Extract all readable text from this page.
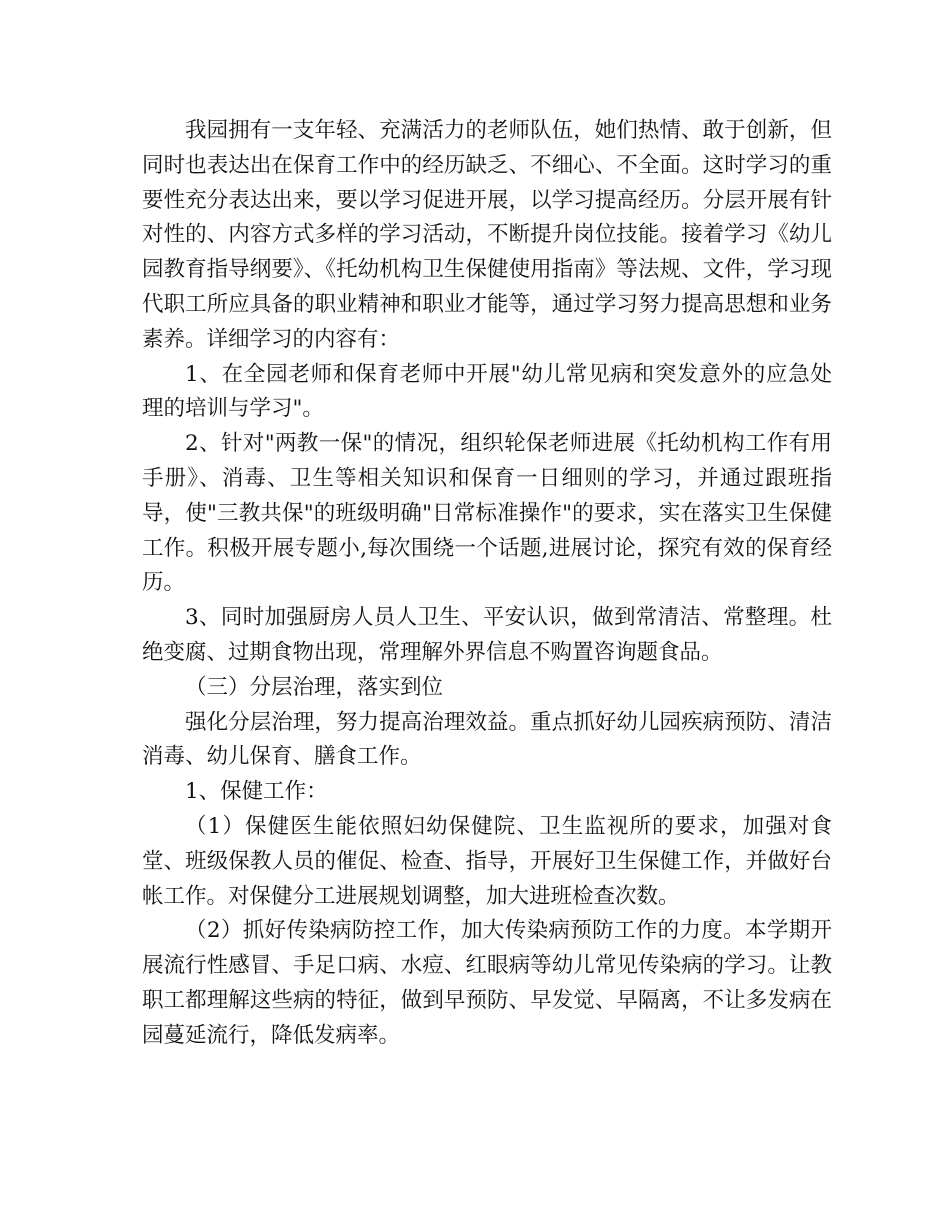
我园拥有一支年轻、充满活力的老师队伍，她们热情、敢于创新，但同时也表达出在保育工作中的经历缺乏、不细心、不全面。这时学习的重要性充分表达出来，要以学习促进开展，以学习提高经历。分层开展有针对性的、内容方式多样的学习活动，不断提升岗位技能。接着学习《幼儿园教育指导纲要》、《托幼机构卫生保健使用指南》等法规、文件，学习现代职工所应具备的职业精神和职业才能等，通过学习努力提高思想和业务素养。详细学习的内容有：

1、在全园老师和保育老师中开展"幼儿常见病和突发意外的应急处理的培训与学习"。

2、针对"两教一保"的情况，组织轮保老师进展《托幼机构工作有用手册》、消毒、卫生等相关知识和保育一日细则的学习，并通过跟班指导，使"三教共保"的班级明确"日常标准操作"的要求，实在落实卫生保健工作。积极开展专题小,每次围绕一个话题,进展讨论，探究有效的保育经历。

3、同时加强厨房人员人卫生、平安认识，做到常清洁、常整理。杜绝变腐、过期食物出现，常理解外界信息不购置咨询题食品。

（三）分层治理，落实到位

强化分层治理，努力提高治理效益。重点抓好幼儿园疾病预防、清洁消毒、幼儿保育、膳食工作。

1、保健工作：

（1）保健医生能依照妇幼保健院、卫生监视所的要求，加强对食堂、班级保教人员的催促、检查、指导，开展好卫生保健工作，并做好台帐工作。对保健分工进展规划调整，加大进班检查次数。

（2）抓好传染病防控工作，加大传染病预防工作的力度。本学期开展流行性感冒、手足口病、水痘、红眼病等幼儿常见传染病的学习。让教职工都理解这些病的特征，做到早预防、早发觉、早隔离，不让多发病在园蔓延流行，降低发病率。
